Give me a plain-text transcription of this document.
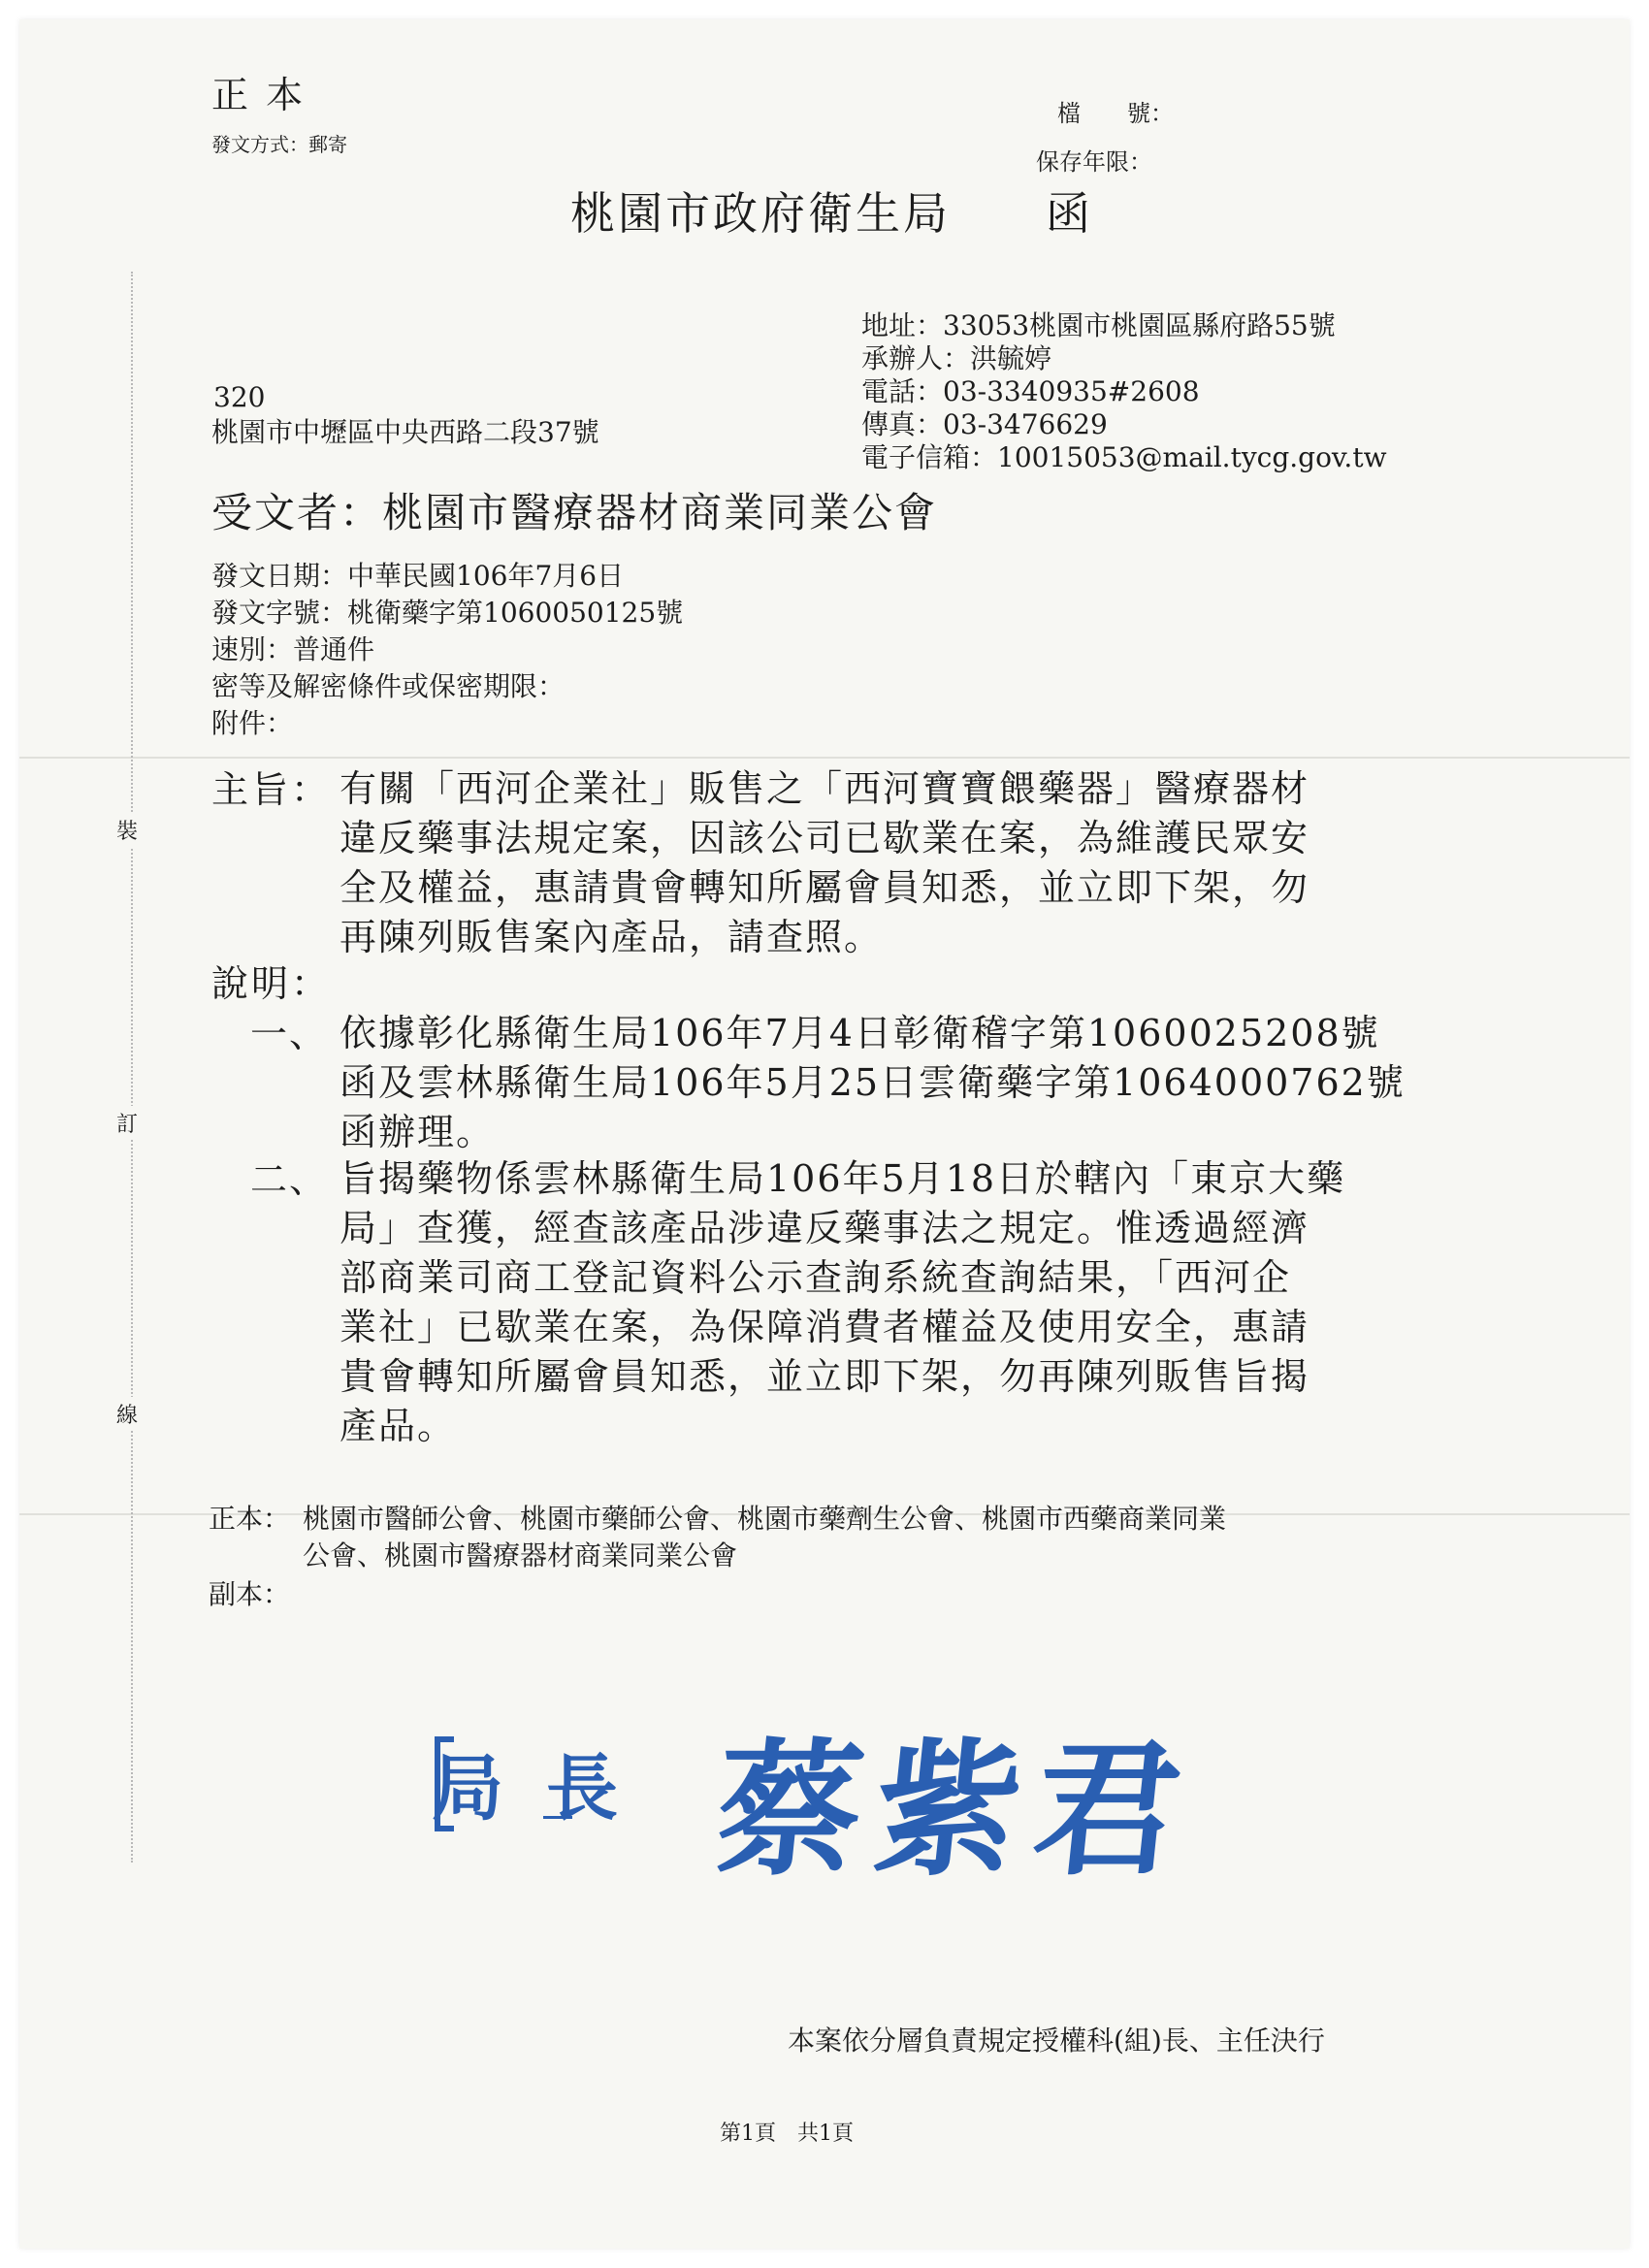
正 本
發文方式：郵寄
檔　　號：
保存年限：
桃園市政府衛生局　　函
地址：33053桃園市桃園區縣府路55號
承辦人：洪毓婷
電話：03-3340935#2608
傳真：03-3476629
電子信箱：10015053@mail.tycg.gov.tw
320
桃園市中壢區中央西路二段37號
受文者：桃園市醫療器材商業同業公會
發文日期：中華民國106年7月6日
發文字號：桃衛藥字第1060050125號
速別：普通件
密等及解密條件或保密期限：
附件：
裝
訂
線
主旨： 有關「西河企業社」販售之「西河寶寶餵藥器」醫療器材
違反藥事法規定案，因該公司已歇業在案，為維護民眾安
全及權益，惠請貴會轉知所屬會員知悉，並立即下架，勿
再陳列販售案內產品，請查照。
說明：
一、 依據彰化縣衛生局106年7月4日彰衛稽字第1060025208號
函及雲林縣衛生局106年5月25日雲衛藥字第1064000762號
函辦理。
二、 旨揭藥物係雲林縣衛生局106年5月18日於轄內「東京大藥
局」查獲，經查該產品涉違反藥事法之規定。惟透過經濟
部商業司商工登記資料公示查詢系統查詢結果，「西河企
業社」已歇業在案，為保障消費者權益及使用安全，惠請
貴會轉知所屬會員知悉，並立即下架，勿再陳列販售旨揭
產品。
正本： 桃園市醫師公會、桃園市藥師公會、桃園市藥劑生公會、桃園市西藥商業同業
公會、桃園市醫療器材商業同業公會
副本：
局長 蔡紫君
本案依分層負責規定授權科(組)長、主任決行
第1頁　共1頁
